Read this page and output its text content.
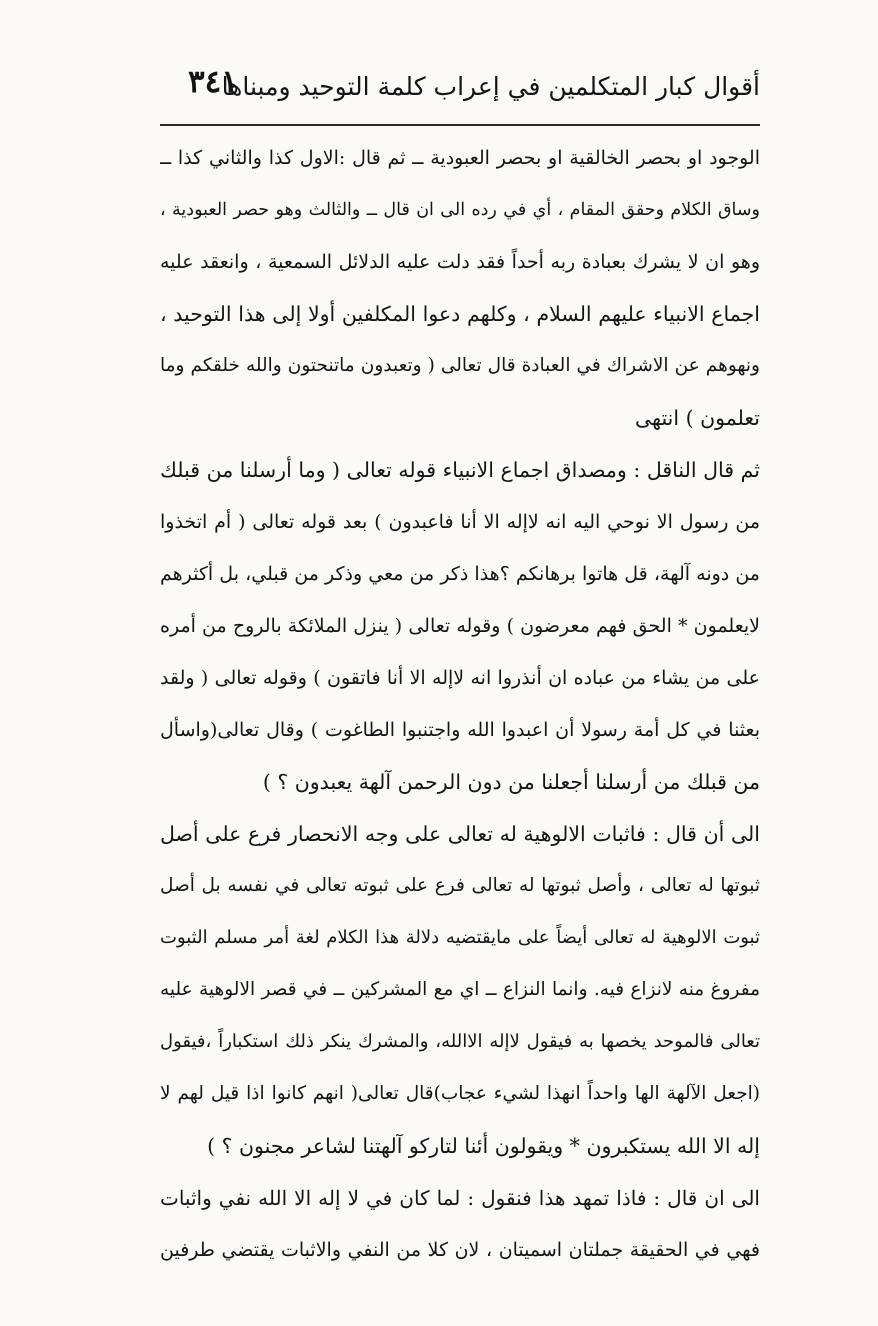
أقوال كبار المتكلمين في إعراب كلمة التوحيد ومبناها
٣٤١
الوجود او بحصر الخالقية او بحصر العبودية ــ ثم قال :الاول كذا والثاني كذا ــ
وساق الكلام وحقق المقام ، أي في رده الى ان قال ــ والثالث وهو حصر العبودية ،
وهو ان لا يشرك بعبادة ربه أحداً فقد دلت عليه الدلائل السمعية ، وانعقد عليه
اجماع الانبياء عليهم السلام ، وكلهم دعوا المكلفين أولا إلى هذا التوحيد ،
ونهوهم عن الاشراك في العبادة قال تعالى ( وتعبدون ماتنحتون والله خلقكم وما
تعلمون ) انتهى
ثم قال الناقل : ومصداق اجماع الانبياء قوله تعالى ( وما أرسلنا من قبلك
من رسول الا نوحي اليه انه لاإله الا أنا فاعبدون ) بعد قوله تعالى ( أم اتخذوا
من دونه آلهة، قل هاتوا برهانكم ؟هذا ذكر من معي وذكر من قبلي، بل أكثرهم
لايعلمون * الحق فهم معرضون ) وقوله تعالى ( ينزل الملائكة بالروح من أمره
على من يشاء من عباده ان أنذروا انه لاإله الا أنا فاتقون ) وقوله تعالى ( ولقد
بعثنا في كل أمة رسولا أن اعبدوا الله واجتنبوا الطاغوت ) وقال تعالى(واسأل
من قبلك من أرسلنا أجعلنا من دون الرحمن آلهة يعبدون ؟ )
الى أن قال : فاثبات الالوهية له تعالى على وجه الانحصار فرع على أصل
ثبوتها له تعالى ، وأصل ثبوتها له تعالى فرع على ثبوته تعالى في نفسه بل أصل
ثبوت الالوهية له تعالى أيضاً على مايقتضيه دلالة هذا الكلام لغة أمر مسلم الثبوت
مفروغ منه لانزاع فيه. وانما النزاع ــ اي مع المشركين ــ في قصر الالوهية عليه
تعالى فالموحد يخصها به فيقول لاإله الاالله، والمشرك ينكر ذلك استكباراً ،فيقول
(اجعل الآلهة الها واحداً انهذا لشيء عجاب)قال تعالى( انهم كانوا اذا قيل لهم لا
إله الا الله يستكبرون * ويقولون أئنا لتاركو آلهتنا لشاعر مجنون ؟ )
الى ان قال : فاذا تمهد هذا فنقول : لما كان في لا إله الا الله نفي واثبات
فهي في الحقيقة جملتان اسميتان ، لان كلا من النفي والاثبات يقتضي طرفين
